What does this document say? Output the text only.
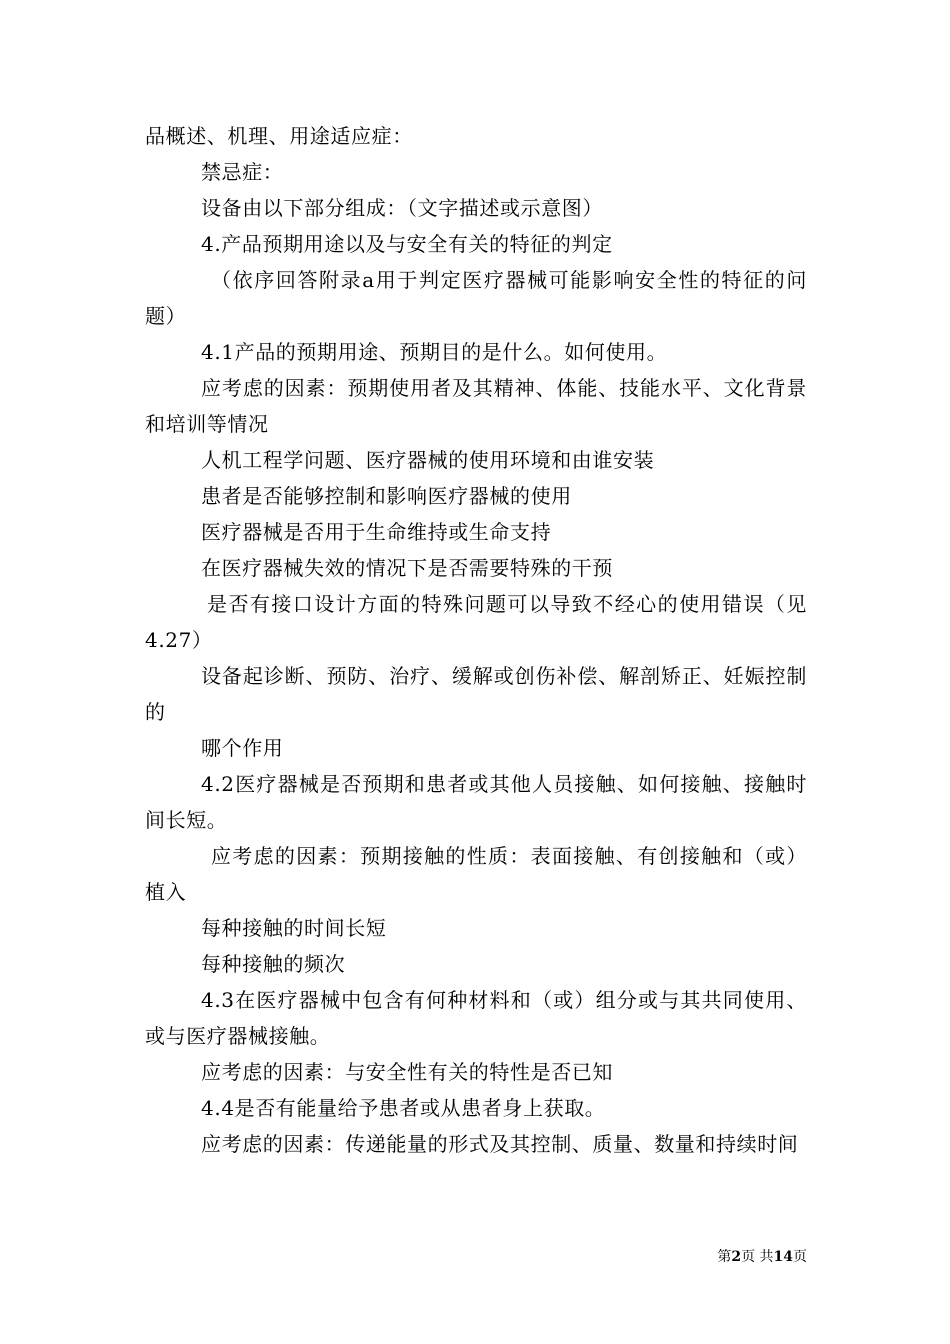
品概述、机理、用途适应症：

禁忌症：

设备由以下部分组成：（文字描述或示意图）

4.产品预期用途以及与安全有关的特征的判定

（依序回答附录a用于判定医疗器械可能影响安全性的特征的问题）

4.1产品的预期用途、预期目的是什么。如何使用。

应考虑的因素：预期使用者及其精神、体能、技能水平、文化背景和培训等情况

人机工程学问题、医疗器械的使用环境和由谁安装

患者是否能够控制和影响医疗器械的使用

医疗器械是否用于生命维持或生命支持

在医疗器械失效的情况下是否需要特殊的干预

是否有接口设计方面的特殊问题可以导致不经心的使用错误（见4.27）

设备起诊断、预防、治疗、缓解或创伤补偿、解剖矫正、妊娠控制的

哪个作用

4.2医疗器械是否预期和患者或其他人员接触、如何接触、接触时间长短。

应考虑的因素：预期接触的性质：表面接触、有创接触和（或）植入

每种接触的时间长短

每种接触的频次

4.3在医疗器械中包含有何种材料和（或）组分或与其共同使用、或与医疗器械接触。

应考虑的因素：与安全性有关的特性是否已知

4.4是否有能量给予患者或从患者身上获取。

应考虑的因素：传递能量的形式及其控制、质量、数量和持续时间

第2页 共14页
